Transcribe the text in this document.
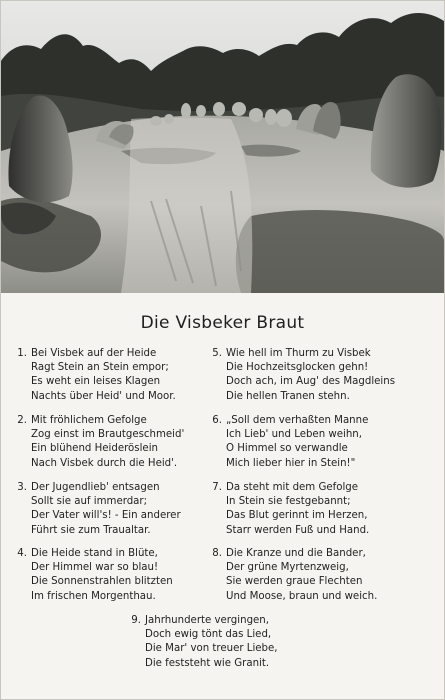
Die Visbeker Braut
1. Bei Visbek auf der Heide
Ragt Stein an Stein empor;
Es weht ein leises Klagen
Nachts über Heid' und Moor.
2. Mit fröhlichem Gefolge
Zog einst im Brautgeschmeid'
Ein blühend Heideröslein
Nach Visbek durch die Heid'.
3. Der Jugendlieb' entsagen
Sollt sie auf immerdar;
Der Vater will's! - Ein anderer
Führt sie zum Traualtar.
4. Die Heide stand in Blüte,
Der Himmel war so blau!
Die Sonnenstrahlen blitzten
Im frischen Morgenthau.
5. Wie hell im Thurm zu Visbek
Die Hochzeitsglocken gehn!
Doch ach, im Aug' des Magdleins
Die hellen Tranen stehn.
6. „Soll dem verhaßten Manne
Ich Lieb' und Leben weihn,
O Himmel so verwandle
Mich lieber hier in Stein!"
7. Da steht mit dem Gefolge
In Stein sie festgebannt;
Das Blut gerinnt im Herzen,
Starr werden Fuß und Hand.
8. Die Kranze und die Bander,
Der grüne Myrtenzweig,
Sie werden graue Flechten
Und Moose, braun und weich.
9. Jahrhunderte vergingen,
Doch ewig tönt das Lied,
Die Mar' von treuer Liebe,
Die feststeht wie Granit.
